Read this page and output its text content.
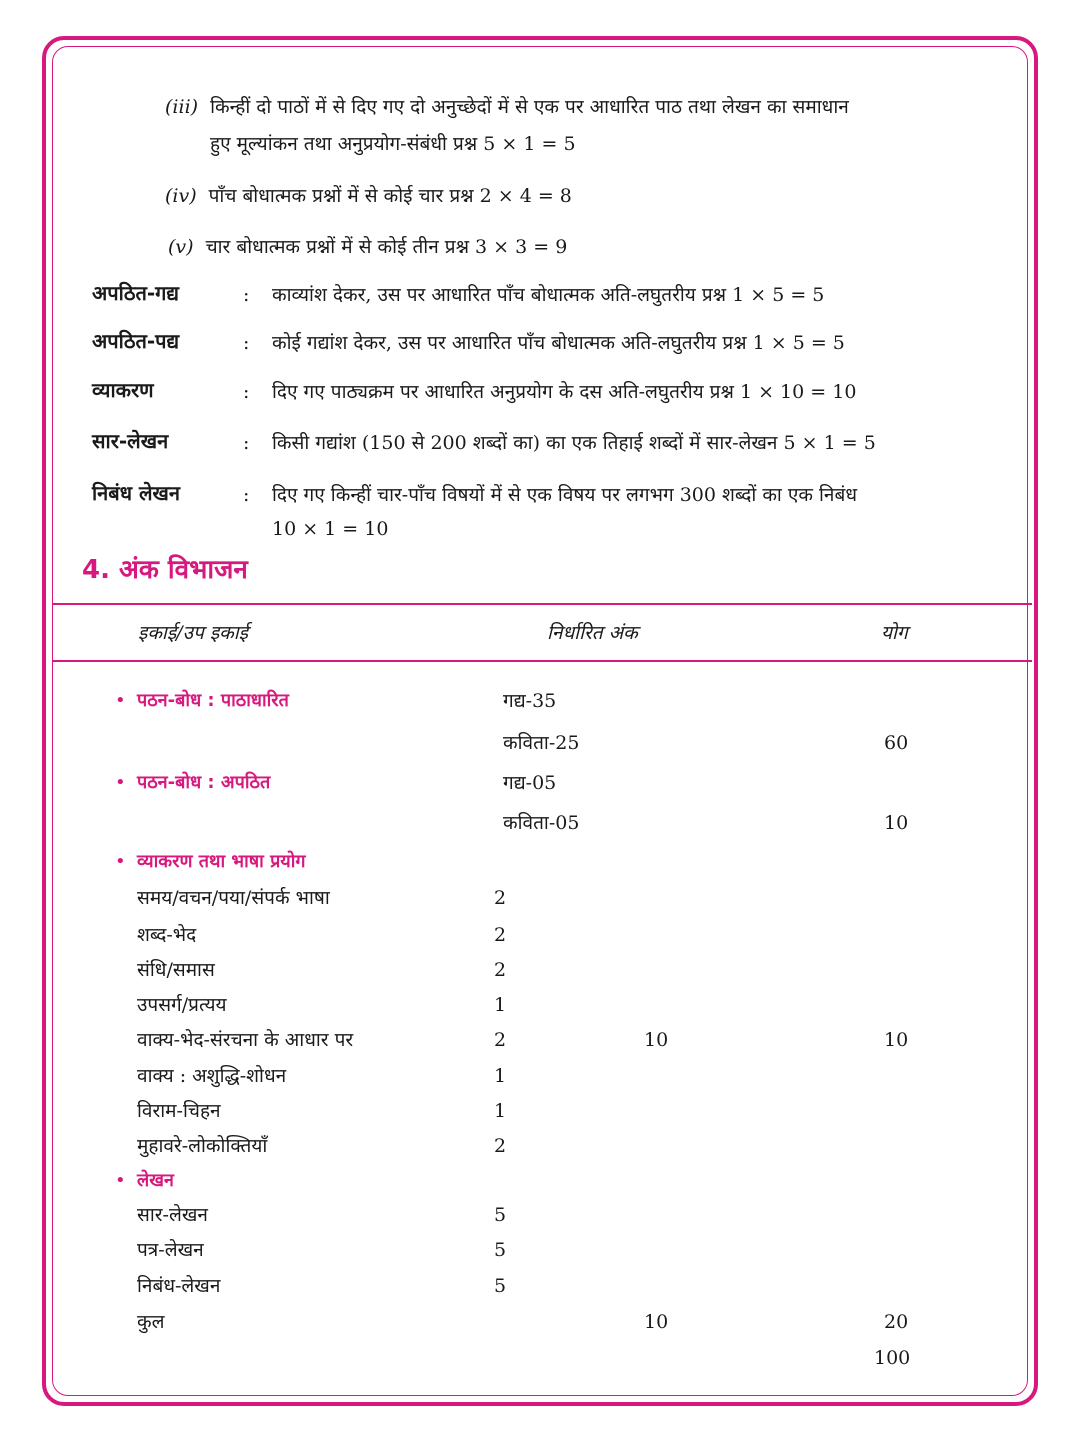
(iii) किन्हीं दो पाठों में से दिए गए दो अनुच्छेदों में से एक पर आधारित पाठ तथा लेखन का समाधान
हुए मूल्यांकन तथा अनुप्रयोग-संबंधी प्रश्न 5 × 1 = 5
(iv) पाँच बोधात्मक प्रश्नों में से कोई चार प्रश्न 2 × 4 = 8
(v) चार बोधात्मक प्रश्नों में से कोई तीन प्रश्न 3 × 3 = 9
अपठित-गद्य	: काव्यांश देकर, उस पर आधारित पाँच बोधात्मक अति-लघुतरीय प्रश्न 1 × 5 = 5
अपठित-पद्य	: कोई गद्यांश देकर, उस पर आधारित पाँच बोधात्मक अति-लघुतरीय प्रश्न 1 × 5 = 5
व्याकरण	: दिए गए पाठ्यक्रम पर आधारित अनुप्रयोग के दस अति-लघुतरीय प्रश्न 1 × 10 = 10
सार-लेखन	: किसी गद्यांश (150 से 200 शब्दों का) का एक तिहाई शब्दों में सार-लेखन 5 × 1 = 5
निबंध लेखन	: दिए गए किन्हीं चार-पाँच विषयों में से एक विषय पर लगभग 300 शब्दों का एक निबंध
10 × 1 = 10
4. अंक विभाजन
इकाई/उप इकाई	निर्धारित अंक	योग
• पठन-बोध : पाठाधारित	गद्य-35
कविता-25	60
• पठन-बोध : अपठित	गद्य-05
कविता-05	10
• व्याकरण तथा भाषा प्रयोग
समय/वचन/पया/संपर्क भाषा	2
शब्द-भेद	2
संधि/समास	2
उपसर्ग/प्रत्यय	1
वाक्य-भेद-संरचना के आधार पर	2	10	10
वाक्य : अशुद्धि-शोधन	1
विराम-चिहन	1
मुहावरे-लोकोक्तियाँ	2
• लेखन
सार-लेखन	5
पत्र-लेखन	5
निबंध-लेखन	5
कुल	10	20
100
